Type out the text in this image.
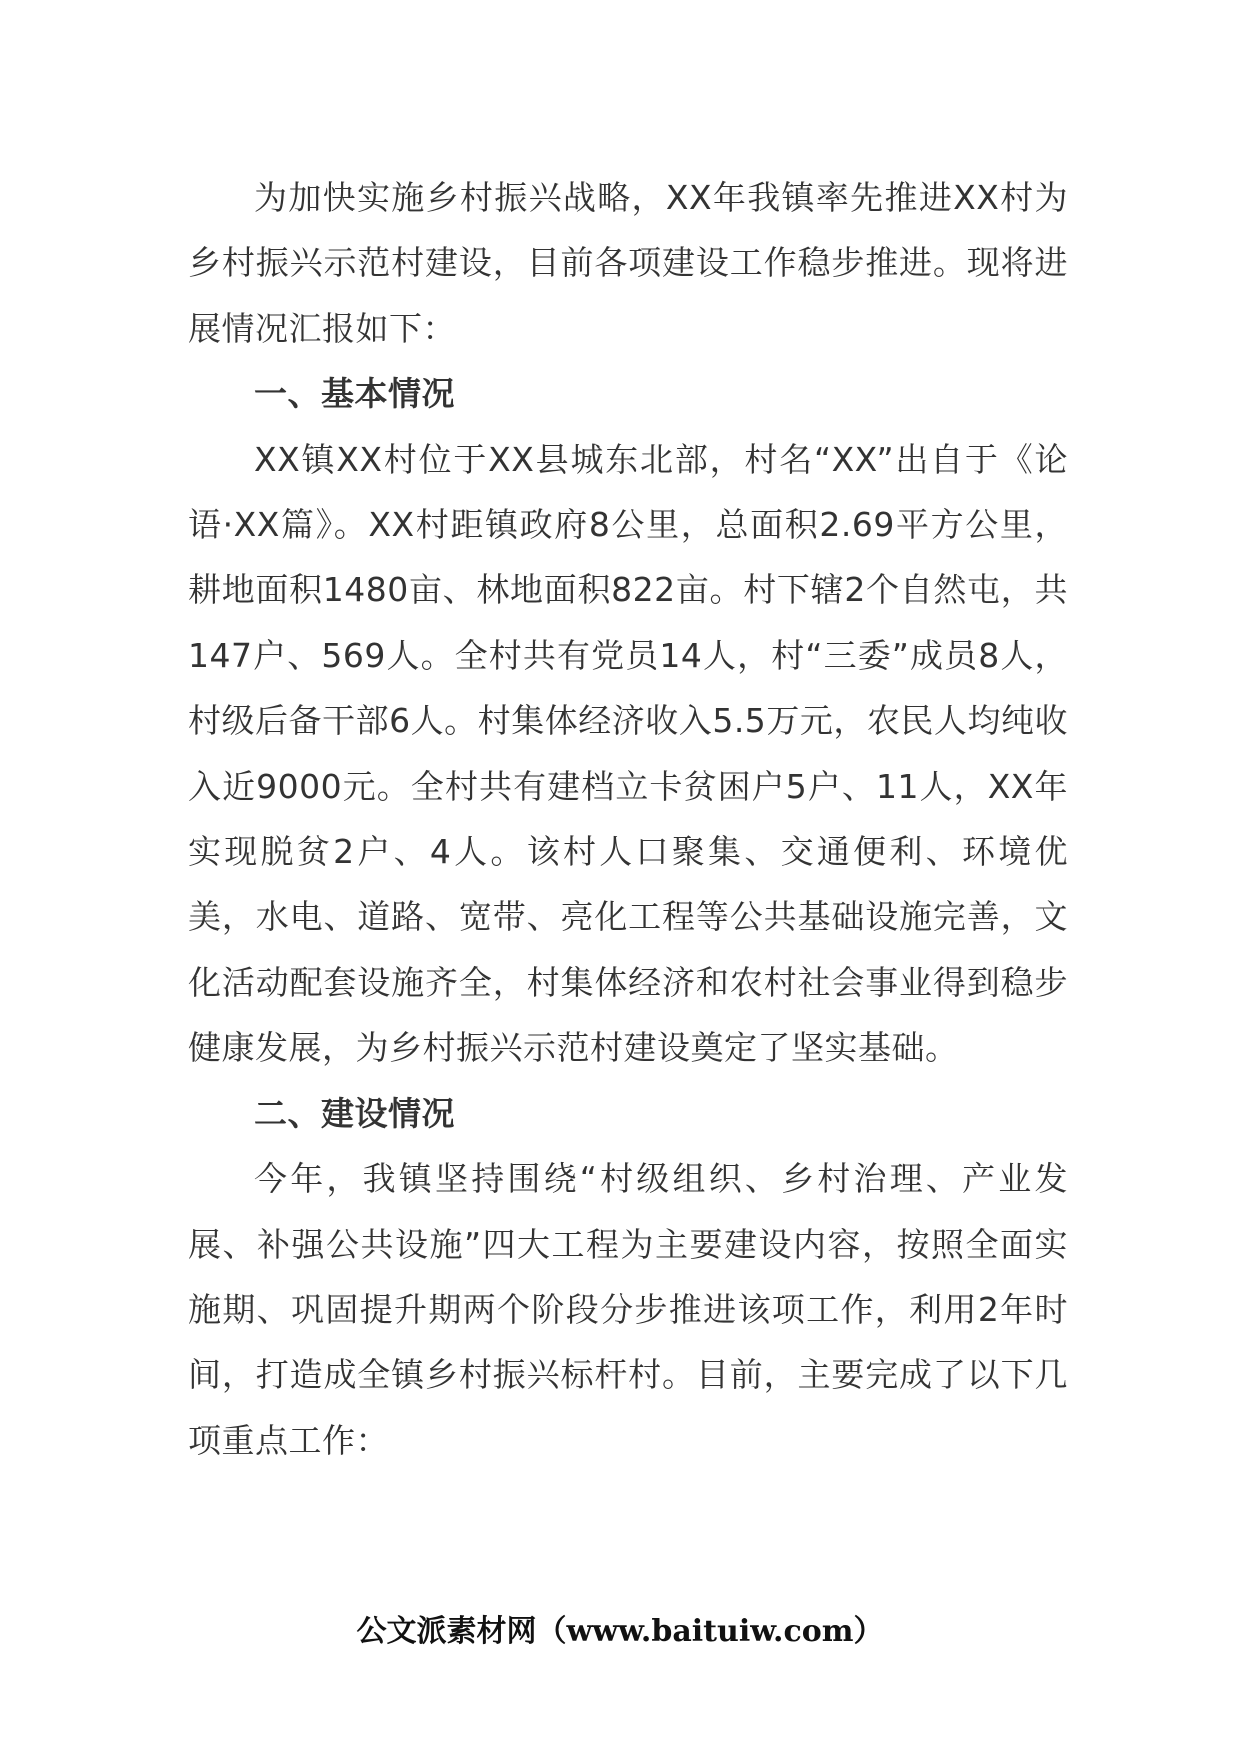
为加快实施乡村振兴战略，XX年我镇率先推进XX村为乡村振兴示范村建设，目前各项建设工作稳步推进。现将进展情况汇报如下：

一、基本情况

XX镇XX村位于XX县城东北部，村名“XX”出自于《论语·XX篇》。XX村距镇政府8公里，总面积2.69平方公里，耕地面积1480亩、林地面积822亩。村下辖2个自然屯，共147户、569人。全村共有党员14人，村“三委”成员8人，村级后备干部6人。村集体经济收入5.5万元，农民人均纯收入近9000元。全村共有建档立卡贫困户5户、11人，XX年实现脱贫2户、4人。该村人口聚集、交通便利、环境优美，水电、道路、宽带、亮化工程等公共基础设施完善，文化活动配套设施齐全，村集体经济和农村社会事业得到稳步健康发展，为乡村振兴示范村建设奠定了坚实基础。

二、建设情况

今年，我镇坚持围绕“村级组织、乡村治理、产业发展、补强公共设施”四大工程为主要建设内容，按照全面实施期、巩固提升期两个阶段分步推进该项工作，利用2年时间，打造成全镇乡村振兴标杆村。目前，主要完成了以下几项重点工作：

公文派素材网（www.baituiw.com）
